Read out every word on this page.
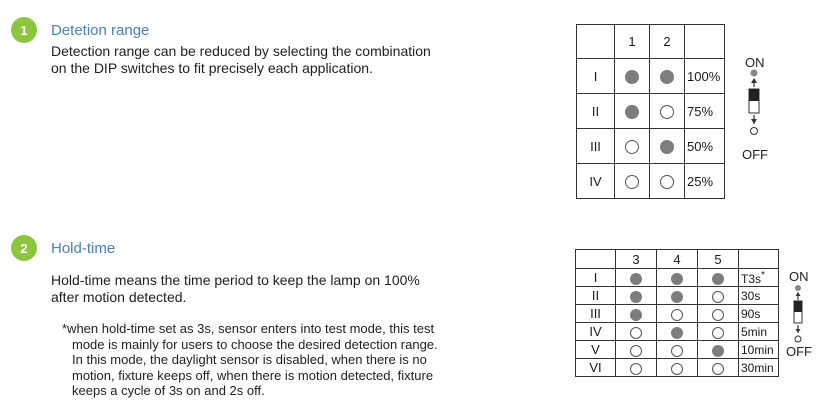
1	Detetion range
Detection range can be reduced by selecting the combination
on the DIP switches to fit precisely each application.
	1	2	
I			100%
II			75%
III			50%
IV			25%
ON
OFF
2	Hold-time
Hold-time means the time period to keep the lamp on 100%
after motion detected.
*when hold-time set as 3s, sensor enters into test mode, this test
mode is mainly for users to choose the desired detection range.
In this mode, the daylight sensor is disabled, when there is no
motion, fixture keeps off, when there is motion detected, fixture
keeps a cycle of 3s on and 2s off.
	3	4	5	
I				T3s*
II				30s
III				90s
IV				5min
V				10min
VI				30min
ON
OFF
